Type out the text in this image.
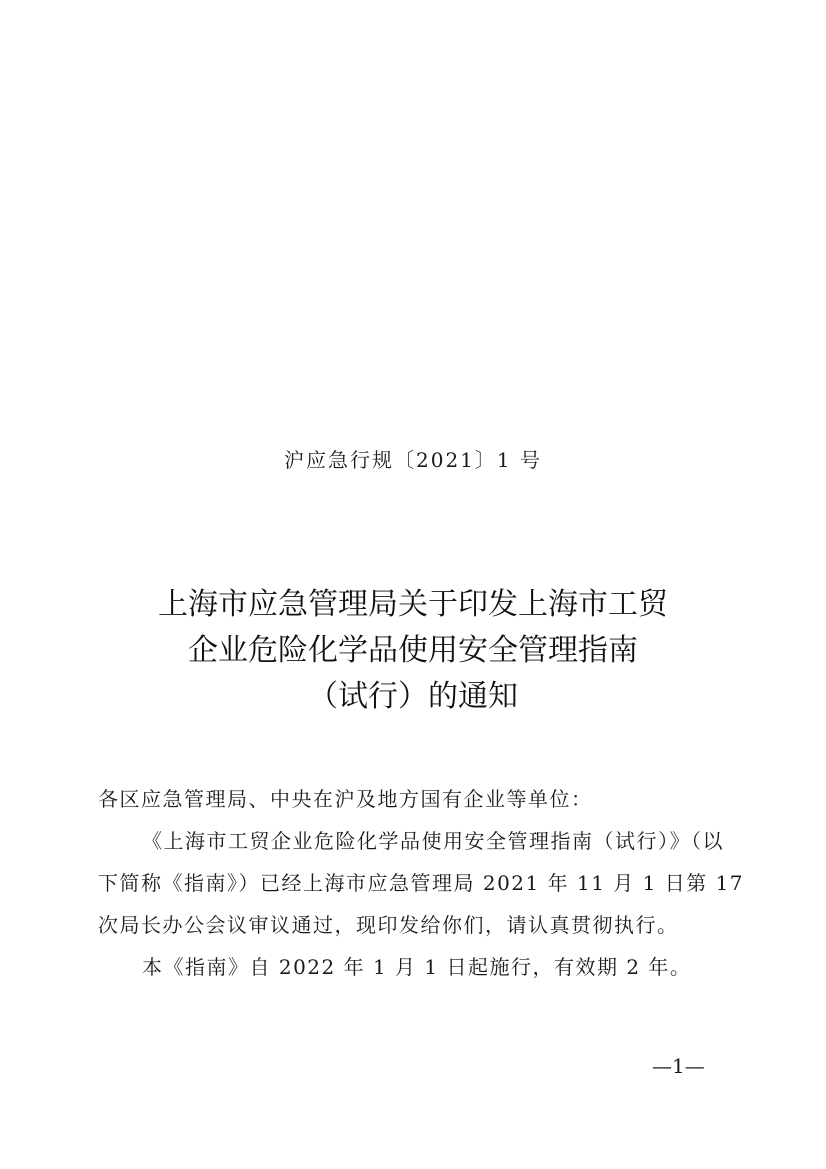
沪应急行规〔2021〕1 号
上海市应急管理局关于印发上海市工贸
企业危险化学品使用安全管理指南
（试行）的通知

各区应急管理局、中央在沪及地方国有企业等单位：

《上海市工贸企业危险化学品使用安全管理指南（试行）》（以

下简称《指南》）已经上海市应急管理局 2021 年 11 月 1 日第 17

次局长办公会议审议通过，现印发给你们，请认真贯彻执行。

本《指南》自 2022 年 1 月 1 日起施行，有效期 2 年。

—1—
